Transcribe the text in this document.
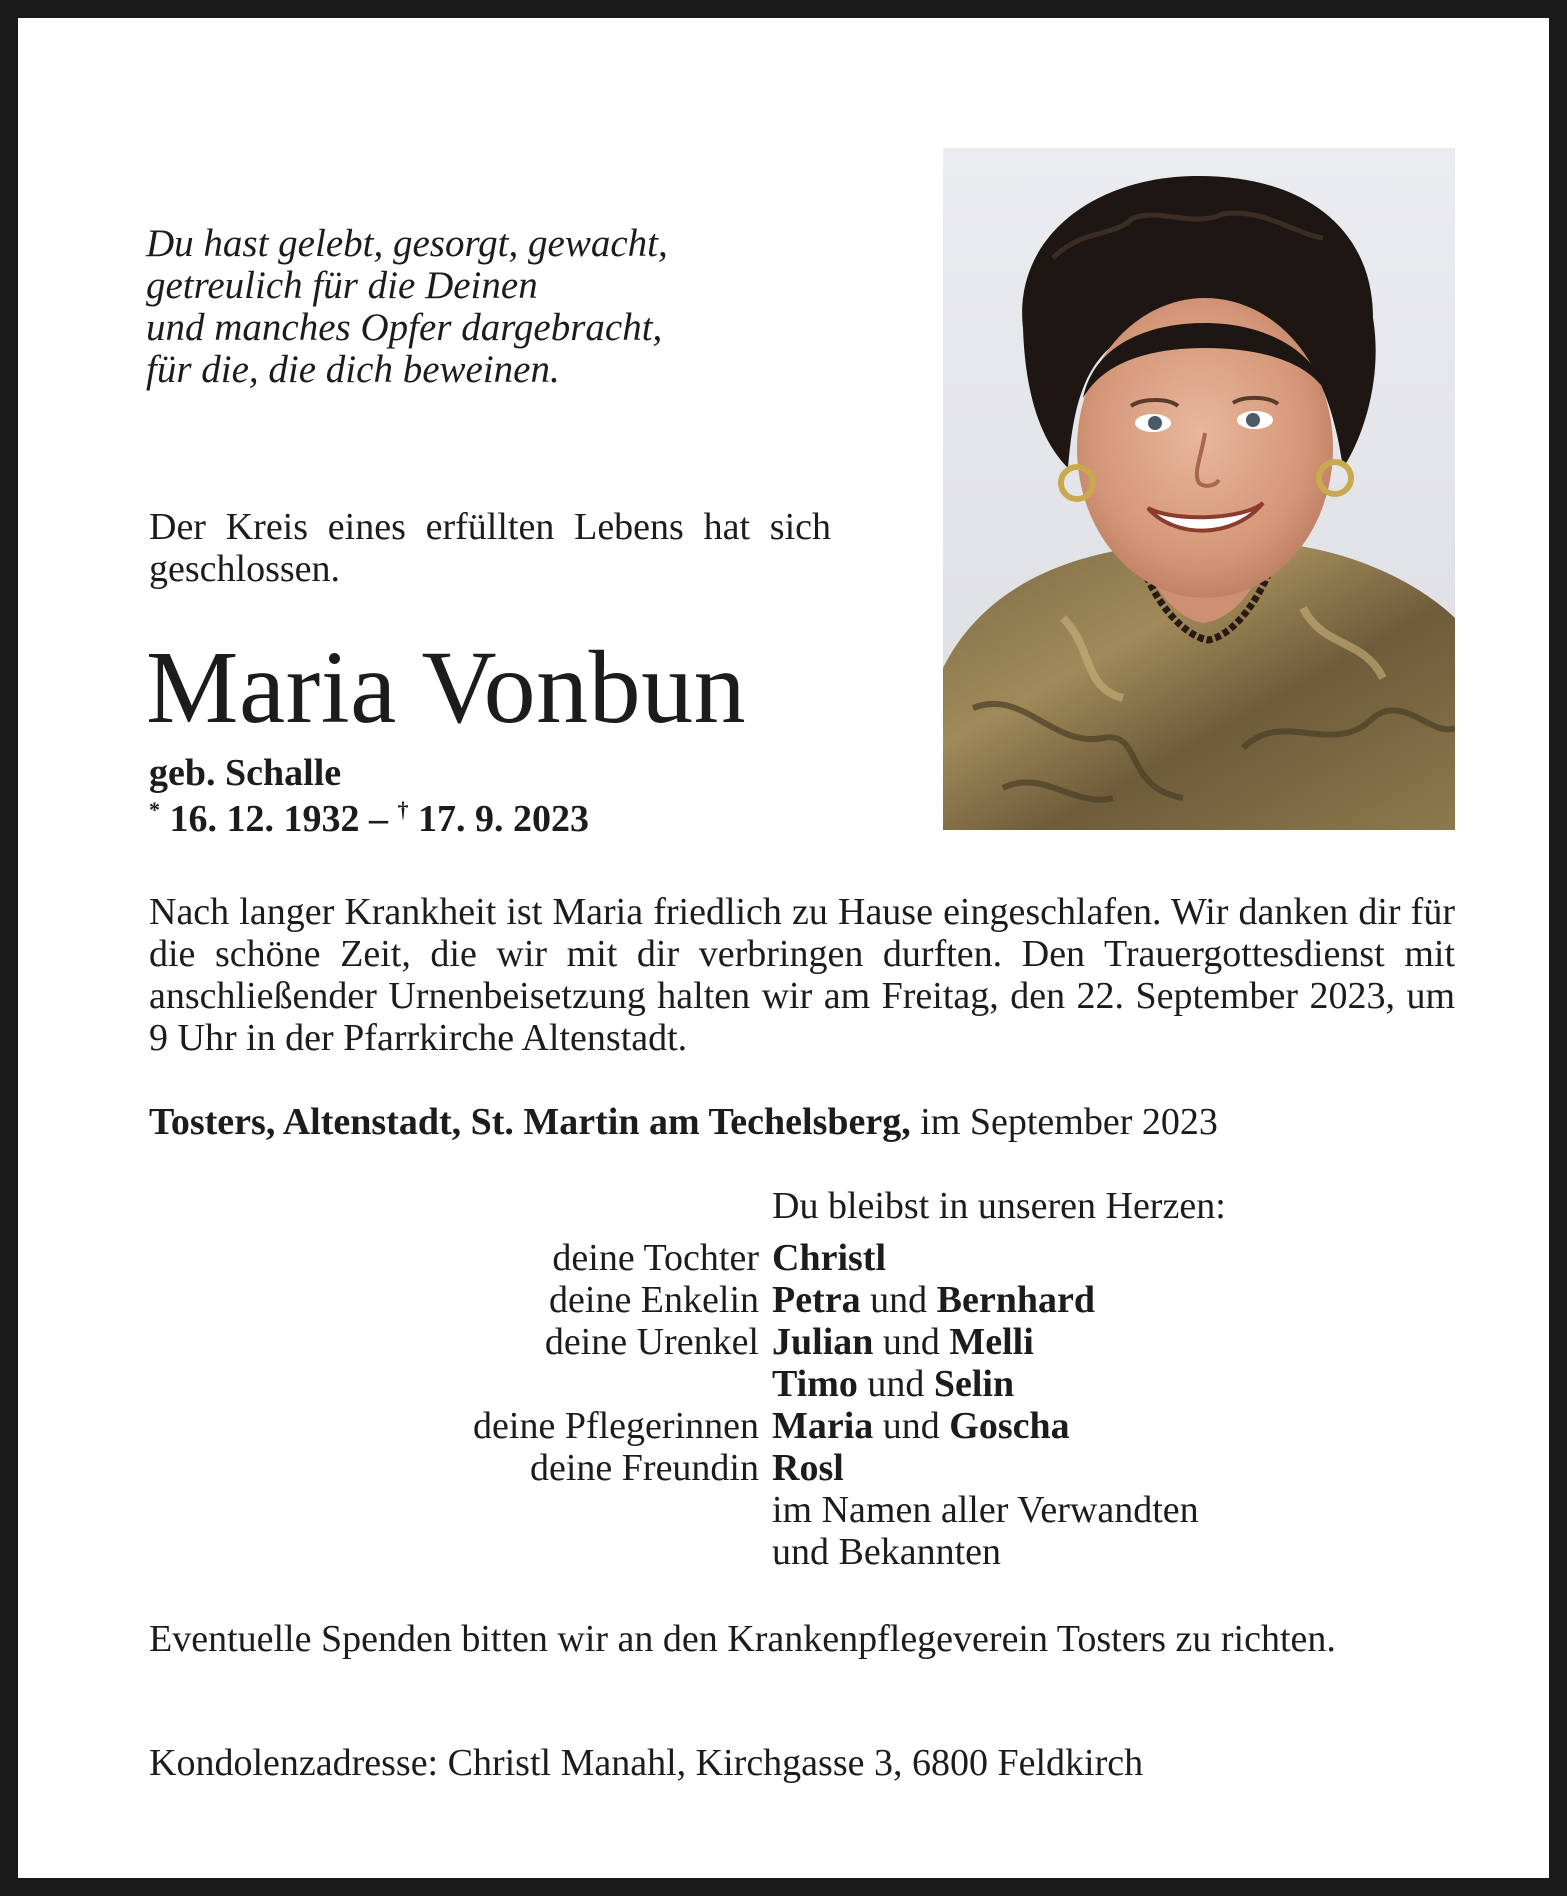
Du hast gelebt, gesorgt, gewacht,
getreulich für die Deinen
und manches Opfer dargebracht,
für die, die dich beweinen.
Der Kreis eines erfüllten Lebens hat sich geschlossen.
Maria Vonbun
geb. Schalle
* 16. 12. 1932 – † 17. 9. 2023
Nach langer Krankheit ist Maria friedlich zu Hause eingeschlafen. Wir danken dir für die schöne Zeit, die wir mit dir verbringen durften. Den Trauergottesdienst mit anschließender Urnenbeisetzung halten wir am Freitag, den 22. September 2023, um 9 Uhr in der Pfarrkirche Altenstadt.
Tosters, Altenstadt, St. Martin am Techelsberg, im September 2023
Du bleibst in unseren Herzen:
deine Tochter Christl
deine Enkelin Petra und Bernhard
deine Urenkel Julian und Melli
Timo und Selin
deine Pflegerinnen Maria und Goscha
deine Freundin Rosl
im Namen aller Verwandten
und Bekannten
Eventuelle Spenden bitten wir an den Krankenpflegeverein Tosters zu richten.
Kondolenzadresse: Christl Manahl, Kirchgasse 3, 6800 Feldkirch
